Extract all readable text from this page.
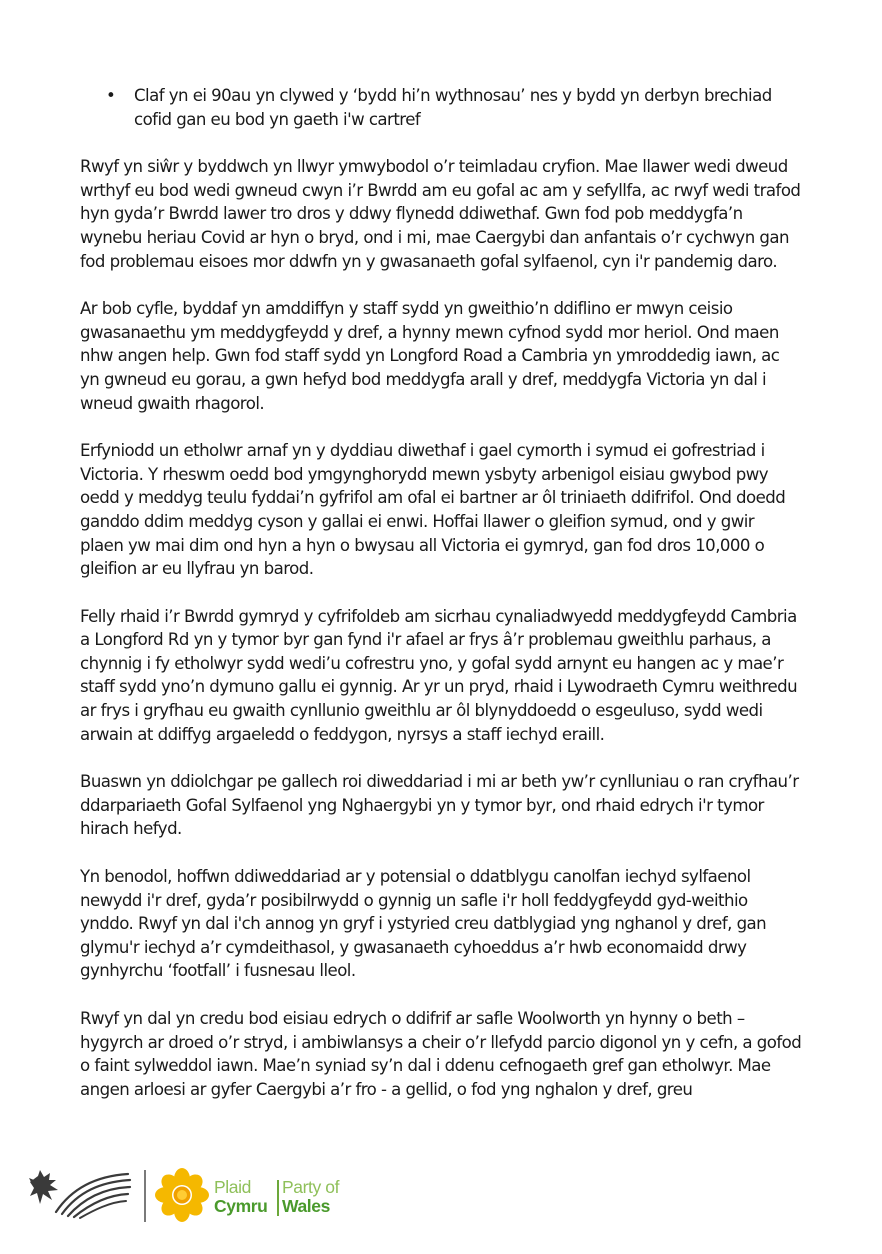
• Claf yn ei 90au yn clywed y ‘bydd hi’n wythnosau’ nes y bydd yn derbyn brechiad cofid gan eu bod yn gaeth i'w cartref

Rwyf yn siŵr y byddwch yn llwyr ymwybodol o’r teimladau cryfion. Mae llawer wedi dweud wrthyf eu bod wedi gwneud cwyn i’r Bwrdd am eu gofal ac am y sefyllfa, ac rwyf wedi trafod hyn gyda’r Bwrdd lawer tro dros y ddwy flynedd ddiwethaf. Gwn fod pob meddygfa’n wynebu heriau Covid ar hyn o bryd, ond i mi, mae Caergybi dan anfantais o’r cychwyn gan fod problemau eisoes mor ddwfn yn y gwasanaeth gofal sylfaenol, cyn i'r pandemig daro.

Ar bob cyfle, byddaf yn amddiffyn y staff sydd yn gweithio’n ddiflino er mwyn ceisio gwasanaethu ym meddygfeydd y dref, a hynny mewn cyfnod sydd mor heriol. Ond maen nhw angen help. Gwn fod staff sydd yn Longford Road a Cambria yn ymroddedig iawn, ac yn gwneud eu gorau, a gwn hefyd bod meddygfa arall y dref, meddygfa Victoria yn dal i wneud gwaith rhagorol.

Erfyniodd un etholwr arnaf yn y dyddiau diwethaf i gael cymorth i symud ei gofrestriad i Victoria. Y rheswm oedd bod ymgynghorydd mewn ysbyty arbenigol eisiau gwybod pwy oedd y meddyg teulu fyddai’n gyfrifol am ofal ei bartner ar ôl triniaeth ddifrifol. Ond doedd ganddo ddim meddyg cyson y gallai ei enwi. Hoffai llawer o gleifion symud, ond y gwir plaen yw mai dim ond hyn a hyn o bwysau all Victoria ei gymryd, gan fod dros 10,000 o gleifion ar eu llyfrau yn barod.

Felly rhaid i’r Bwrdd gymryd y cyfrifoldeb am sicrhau cynaliadwyedd meddygfeydd Cambria a Longford Rd yn y tymor byr gan fynd i'r afael ar frys â’r problemau gweithlu parhaus, a chynnig i fy etholwyr sydd wedi’u cofrestru yno, y gofal sydd arnynt eu hangen ac y mae’r staff sydd yno’n dymuno gallu ei gynnig. Ar yr un pryd, rhaid i Lywodraeth Cymru weithredu ar frys i gryfhau eu gwaith cynllunio gweithlu ar ôl blynyddoedd o esgeuluso, sydd wedi arwain at ddiffyg argaeledd o feddygon, nyrsys a staff iechyd eraill.

Buaswn yn ddiolchgar pe gallech roi diweddariad i mi ar beth yw’r cynlluniau o ran cryfhau’r ddarpariaeth Gofal Sylfaenol yng Nghaergybi yn y tymor byr, ond rhaid edrych i'r tymor hirach hefyd.

Yn benodol, hoffwn ddiweddariad ar y potensial o ddatblygu canolfan iechyd sylfaenol newydd i'r dref, gyda’r posibilrwydd o gynnig un safle i'r holl feddygfeydd gyd-weithio ynddo. Rwyf yn dal i'ch annog yn gryf i ystyried creu datblygiad yng nghanol y dref, gan glymu'r iechyd a’r cymdeithasol, y gwasanaeth cyhoeddus a’r hwb economaidd drwy gynhyrchu ‘footfall’ i fusnesau lleol.

Rwyf yn dal yn credu bod eisiau edrych o ddifrif ar safle Woolworth yn hynny o beth – hygyrch ar droed o’r stryd, i ambiwlansys a cheir o’r llefydd parcio digonol yn y cefn, a gofod o faint sylweddol iawn. Mae’n syniad sy’n dal i ddenu cefnogaeth gref gan etholwyr. Mae angen arloesi ar gyfer Caergybi a’r fro - a gellid, o fod yng nghalon y dref, greu

Plaid
Cymru
Party of
Wales
